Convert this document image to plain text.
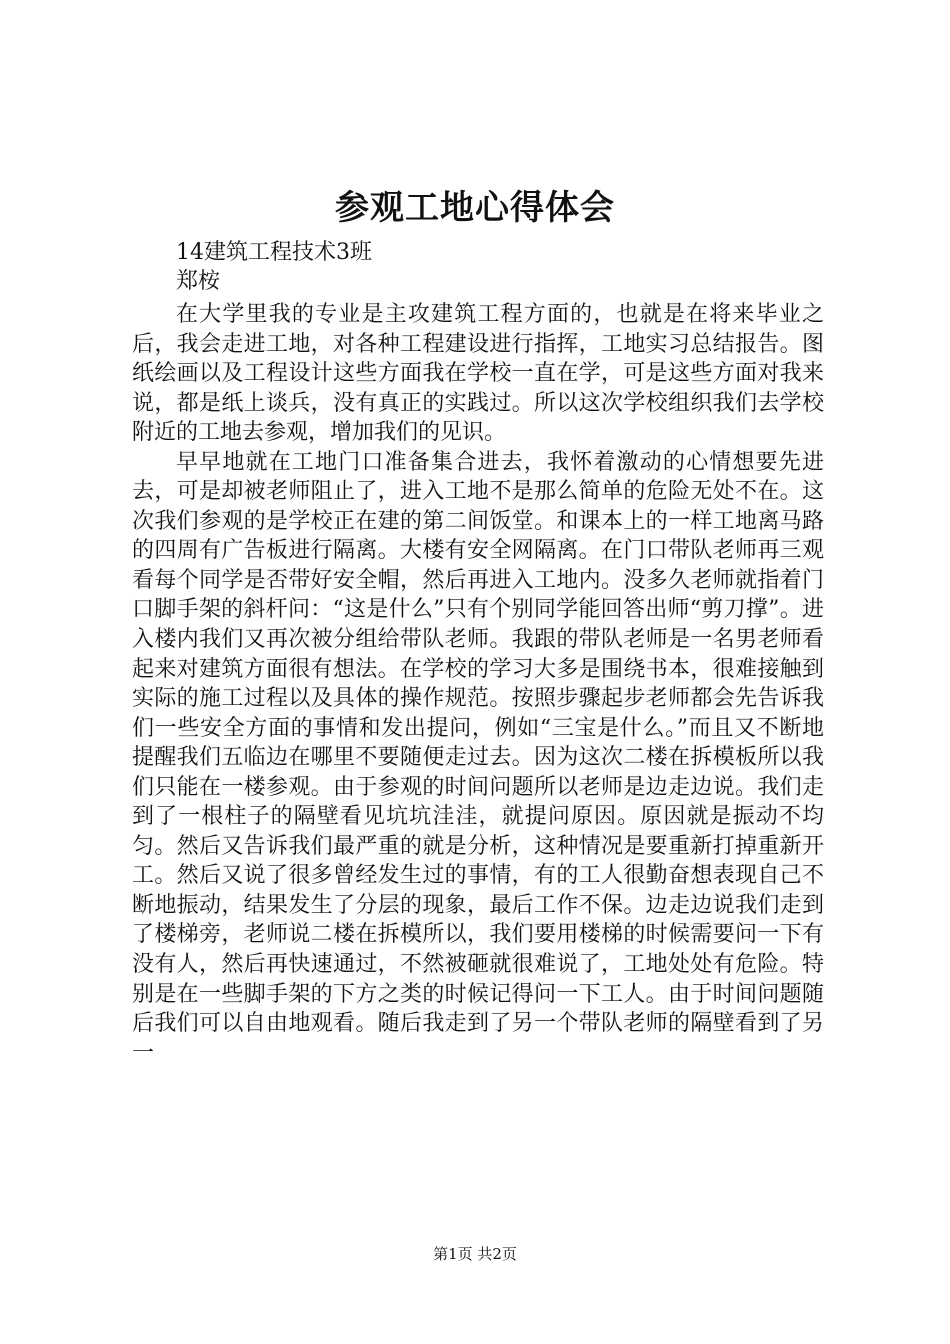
参观工地心得体会
14建筑工程技术3班
郑桉

在大学里我的专业是主攻建筑工程方面的，也就是在将来毕业之后，我会走进工地，对各种工程建设进行指挥，工地实习总结报告。图纸绘画以及工程设计这些方面我在学校一直在学，可是这些方面对我来说，都是纸上谈兵，没有真正的实践过。所以这次学校组织我们去学校附近的工地去参观，增加我们的见识。

早早地就在工地门口准备集合进去，我怀着激动的心情想要先进去，可是却被老师阻止了，进入工地不是那么简单的危险无处不在。这次我们参观的是学校正在建的第二间饭堂。和课本上的一样工地离马路的四周有广告板进行隔离。大楼有安全网隔离。在门口带队老师再三观看每个同学是否带好安全帽，然后再进入工地内。没多久老师就指着门口脚手架的斜杆问：“这是什么”只有个别同学能回答出师“剪刀撑”。进入楼内我们又再次被分组给带队老师。我跟的带队老师是一名男老师看起来对建筑方面很有想法。在学校的学习大多是围绕书本，很难接触到实际的施工过程以及具体的操作规范。按照步骤起步老师都会先告诉我们一些安全方面的事情和发出提问，例如“三宝是什么。”而且又不断地提醒我们五临边在哪里不要随便走过去。因为这次二楼在拆模板所以我们只能在一楼参观。由于参观的时间问题所以老师是边走边说。我们走到了一根柱子的隔壁看见坑坑洼洼，就提问原因。原因就是振动不均匀。然后又告诉我们最严重的就是分析，这种情况是要重新打掉重新开工。然后又说了很多曾经发生过的事情，有的工人很勤奋想表现自己不断地振动，结果发生了分层的现象，最后工作不保。边走边说我们走到了楼梯旁，老师说二楼在拆模所以，我们要用楼梯的时候需要问一下有没有人，然后再快速通过，不然被砸就很难说了，工地处处有危险。特别是在一些脚手架的下方之类的时候记得问一下工人。由于时间问题随后我们可以自由地观看。随后我走到了另一个带队老师的隔壁看到了另一

第1页 共2页
